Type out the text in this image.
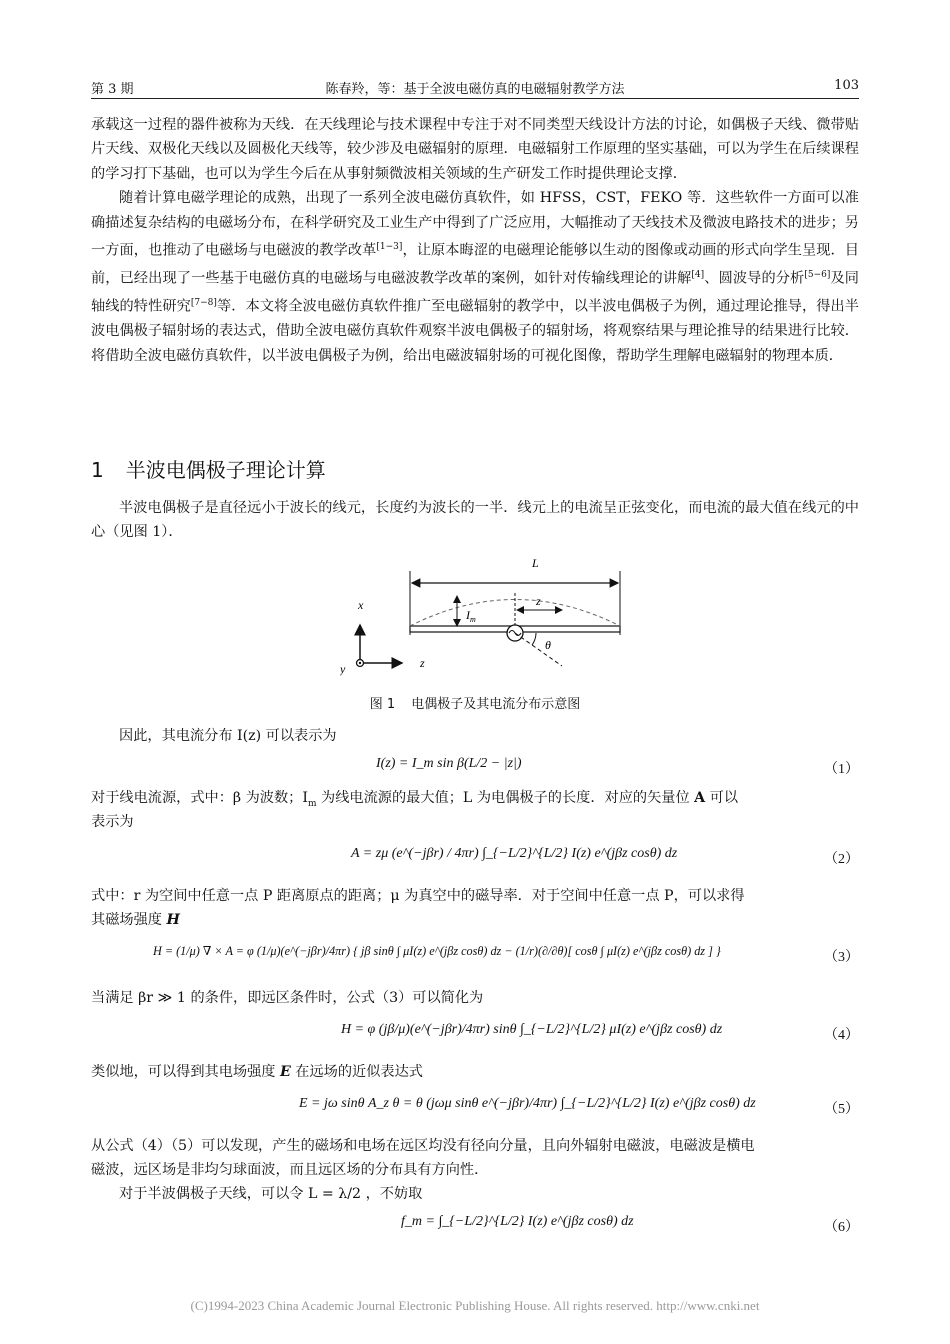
第 3 期	陈春羚，等：基于全波电磁仿真的电磁辐射教学方法	103

承载这一过程的器件被称为天线．在天线理论与技术课程中专注于对不同类型天线设计方法的讨论，如偶极子天线、微带贴片天线、双极化天线以及圆极化天线等，较少涉及电磁辐射的原理．电磁辐射工作原理的坚实基础，可以为学生在后续课程的学习打下基础，也可以为学生今后在从事射频微波相关领域的生产研发工作时提供理论支撑．

随着计算电磁学理论的成熟，出现了一系列全波电磁仿真软件，如 HFSS，CST，FEKO 等．这些软件一方面可以准确描述复杂结构的电磁场分布，在科学研究及工业生产中得到了广泛应用，大幅推动了天线技术及微波电路技术的进步；另一方面，也推动了电磁场与电磁波的教学改革[1−3]，让原本晦涩的电磁理论能够以生动的图像或动画的形式向学生呈现．目前，已经出现了一些基于电磁仿真的电磁场与电磁波教学改革的案例，如针对传输线理论的讲解[4]、圆波导的分析[5−6]及同轴线的特性研究[7−8]等．本文将全波电磁仿真软件推广至电磁辐射的教学中，以半波电偶极子为例，通过理论推导，得出半波电偶极子辐射场的表达式，借助全波电磁仿真软件观察半波电偶极子的辐射场，将观察结果与理论推导的结果进行比较．将借助全波电磁仿真软件，以半波电偶极子为例，给出电磁波辐射场的可视化图像，帮助学生理解电磁辐射的物理本质．

1 半波电偶极子理论计算

半波电偶极子是直径远小于波长的线元，长度约为波长的一半．线元上的电流呈正弦变化，而电流的最大值在线元的中心（见图 1）．

L
$I_m$
z
θ
x
y	z
图 1 电偶极子及其电流分布示意图
因此，其电流分布 I(z) 可以表示为
I(z) = I_m sin β(L/2 − |z|)	（1）
对于线电流源，式中：β 为波数；$I_m$ 为线电流源的最大值；L 为电偶极子的长度．对应的矢量位 A 可以
表示为
A = zμ (e^(−jβr) / 4πr) ∫_{−L/2}^{L/2} I(z) e^(jβz cosθ) dz	（2）
式中：r 为空间中任意一点 P 距离原点的距离；μ 为真空中的磁导率．对于空间中任意一点 P，可以求得
其磁场强度 H
H = (1/μ) ∇ × A = φ (1/μ)(e^(−jβr)/4πr) { jβ sinθ ∫ μI(z) e^(jβz cosθ) dz − (1/r)(∂/∂θ)[ cosθ ∫ μI(z) e^(jβz cosθ) dz ] }	（3）
当满足 βr ≫ 1 的条件，即远区条件时，公式（3）可以简化为
H = φ (jβ/μ)(e^(−jβr)/4πr) sinθ ∫_{−L/2}^{L/2} μI(z) e^(jβz cosθ) dz	（4）
类似地，可以得到其电场强度 E 在远场的近似表达式
E = jω sinθ A_z θ = θ (jωμ sinθ e^(−jβr)/4πr) ∫_{−L/2}^{L/2} I(z) e^(jβz cosθ) dz	（5）
从公式（4）（5）可以发现，产生的磁场和电场在远区均没有径向分量，且向外辐射电磁波，电磁波是横电
磁波，远区场是非均匀球面波，而且远区场的分布具有方向性．
对于半波偶极子天线，可以令 L = λ/2 ，不妨取
f_m = ∫_{−L/2}^{L/2} I(z) e^(jβz cosθ) dz	（6）
(C)1994-2023 China Academic Journal Electronic Publishing House. All rights reserved. http://www.cnki.net
